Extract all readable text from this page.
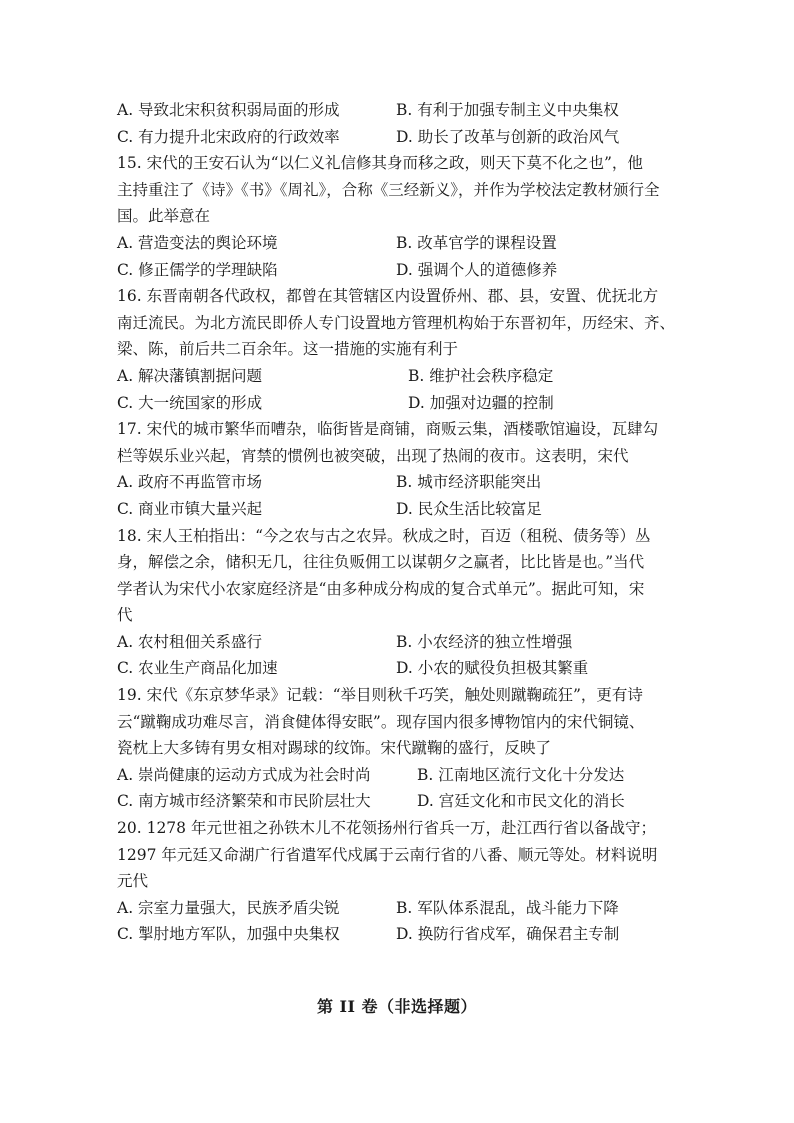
A. 导致北宋积贫积弱局面的形成	B. 有利于加强专制主义中央集权
C. 有力提升北宋政府的行政效率	D. 助长了改革与创新的政治风气
15. 宋代的王安石认为“以仁义礼信修其身而移之政，则天下莫不化之也”，他
主持重注了《诗》《书》《周礼》，合称《三经新义》，并作为学校法定教材颁行全
国。此举意在
A. 营造变法的舆论环境	B. 改革官学的课程设置
C. 修正儒学的学理缺陷	D. 强调个人的道德修养
16. 东晋南朝各代政权，都曾在其管辖区内设置侨州、郡、县，安置、优抚北方
南迁流民。为北方流民即侨人专门设置地方管理机构始于东晋初年，历经宋、齐、
梁、陈，前后共二百余年。这一措施的实施有利于
A. 解决藩镇割据问题	B. 维护社会秩序稳定
C. 大一统国家的形成	D. 加强对边疆的控制
17. 宋代的城市繁华而嘈杂，临街皆是商铺，商贩云集，酒楼歌馆遍设，瓦肆勾
栏等娱乐业兴起，宵禁的惯例也被突破，出现了热闹的夜市。这表明，宋代
A. 政府不再监管市场	B. 城市经济职能突出
C. 商业市镇大量兴起	D. 民众生活比较富足
18. 宋人王柏指出：“今之农与古之农异。秋成之时，百迈（租税、债务等）丛
身，解偿之余，储积无几，往往负贩佣工以谋朝夕之赢者，比比皆是也。”当代
学者认为宋代小农家庭经济是“由多种成分构成的复合式单元”。据此可知，宋
代
A. 农村租佃关系盛行	B. 小农经济的独立性增强
C. 农业生产商品化加速	D. 小农的赋役负担极其繁重
19. 宋代《东京梦华录》记载：“举目则秋千巧笑，触处则蹴鞠疏狂”，更有诗
云“蹴鞠成功难尽言，消食健体得安眠”。现存国内很多博物馆内的宋代铜镜、
瓷枕上大多铸有男女相对踢球的纹饰。宋代蹴鞠的盛行，反映了
A. 崇尚健康的运动方式成为社会时尚	B. 江南地区流行文化十分发达
C. 南方城市经济繁荣和市民阶层壮大	D. 宫廷文化和市民文化的消长
20. 1278 年元世祖之孙铁木儿不花领扬州行省兵一万，赴江西行省以备战守；
1297 年元廷又命湖广行省遣军代戍属于云南行省的八番、顺元等处。材料说明
元代
A. 宗室力量强大，民族矛盾尖锐	B. 军队体系混乱，战斗能力下降
C. 掣肘地方军队，加强中央集权	D. 换防行省戍军，确保君主专制
第 II 卷（非选择题）
